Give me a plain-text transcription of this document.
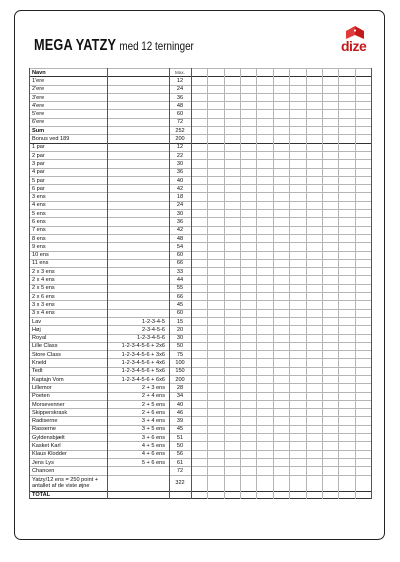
MEGA YATZY med 12 terninger	dize
Navn	Max.
1'ere	12
2'ere	24
3'ere	36
4'ere	48
5'ere	60
6'ere	72
Sum	252
Bonus ved 189	200
1 par	12
2 par	22
3 par	30
4 par	36
5 par	40
6 par	42
3 ens	18
4 ens	24
5 ens	30
6 ens	36
7 ens	42
8 ens	48
9 ens	54
10 ens	60
11 ens	66
2 x 3 ens	33
2 x 4 ens	44
2 x 5 ens	55
2 x 6 ens	66
3 x 3 ens	45
3 x 4 ens	60
Lav	1-2-3-4-5	15
Høj	2-3-4-5-6	20
Royal	1-2-3-4-5-6	30
Lille Class	1-2-3-4-5-6 + 2x6	50
Store Class	1-2-3-4-5-6 + 3x6	75
Kneld	1-2-3-4-5-6 + 4x6	100
Tedt	1-2-3-4-5-6 + 5x6	150
Kaptajn Vom	1-2-3-4-5-6 + 6x6	200
Lillemor	2 + 3 ens	28
Poeten	2 + 4 ens	34
Morsevenner	2 + 5 ens	40
Skipperskrask	2 + 6 ens	46
Radiserne	3 + 4 ens	39
Rasserne	3 + 5 ens	45
Gyldensbjælt	3 + 6 ens	51
Kasket Karl	4 + 5 ens	50
Klaus Klodder	4 + 6 ens	56
Jens Lys	5 + 6 ens	61
Chancen	72
Yatzy/12 ens = 250 point +
antallet af de viste øjne	322
TOTAL
